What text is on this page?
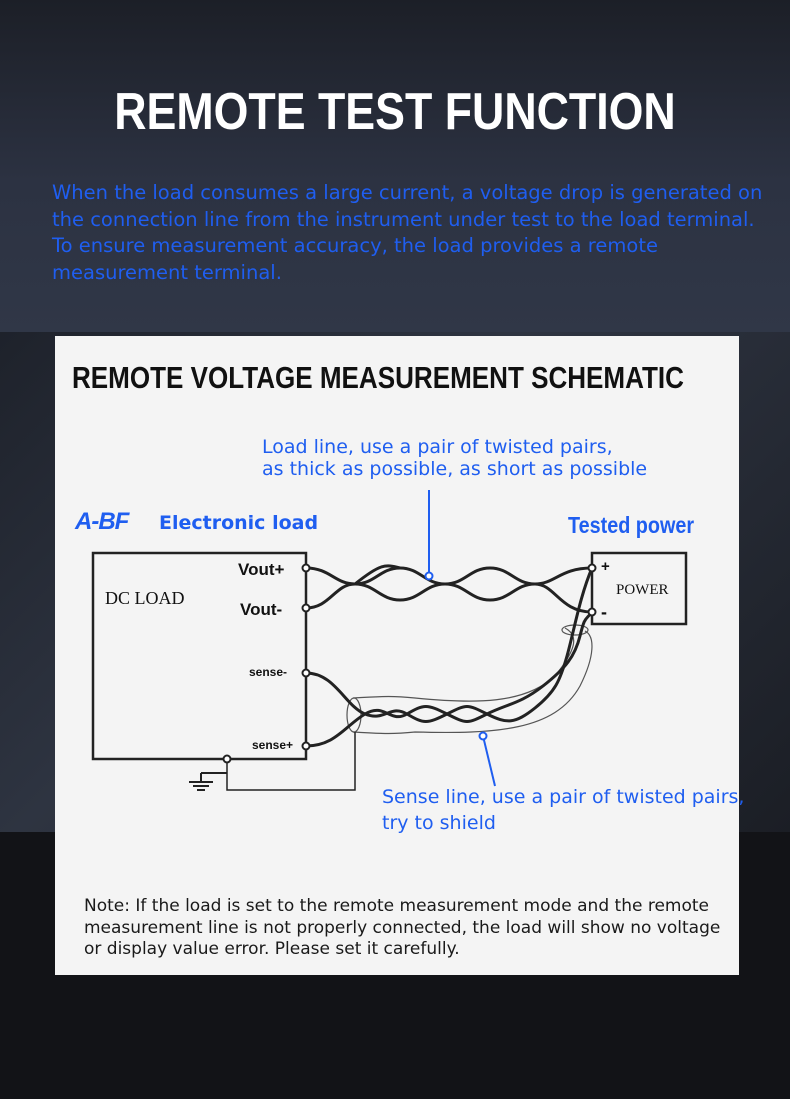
REMOTE TEST FUNCTION
When the load consumes a large current, a voltage drop is generated on the connection line from the instrument under test to the load terminal. To ensure measurement accuracy, the load provides a remote measurement terminal.
REMOTE VOLTAGE MEASUREMENT SCHEMATIC
Load line, use a pair of twisted pairs,
as thick as possible, as short as possible
A-BF Electronic load	Tested power
DC LOAD
Vout+
Vout-
sense-
sense+
POWER
+
-
Sense line, use a pair of twisted pairs,
try to shield
Note: If the load is set to the remote measurement mode and the remote measurement line is not properly connected, the load will show no voltage or display value error. Please set it carefully.
